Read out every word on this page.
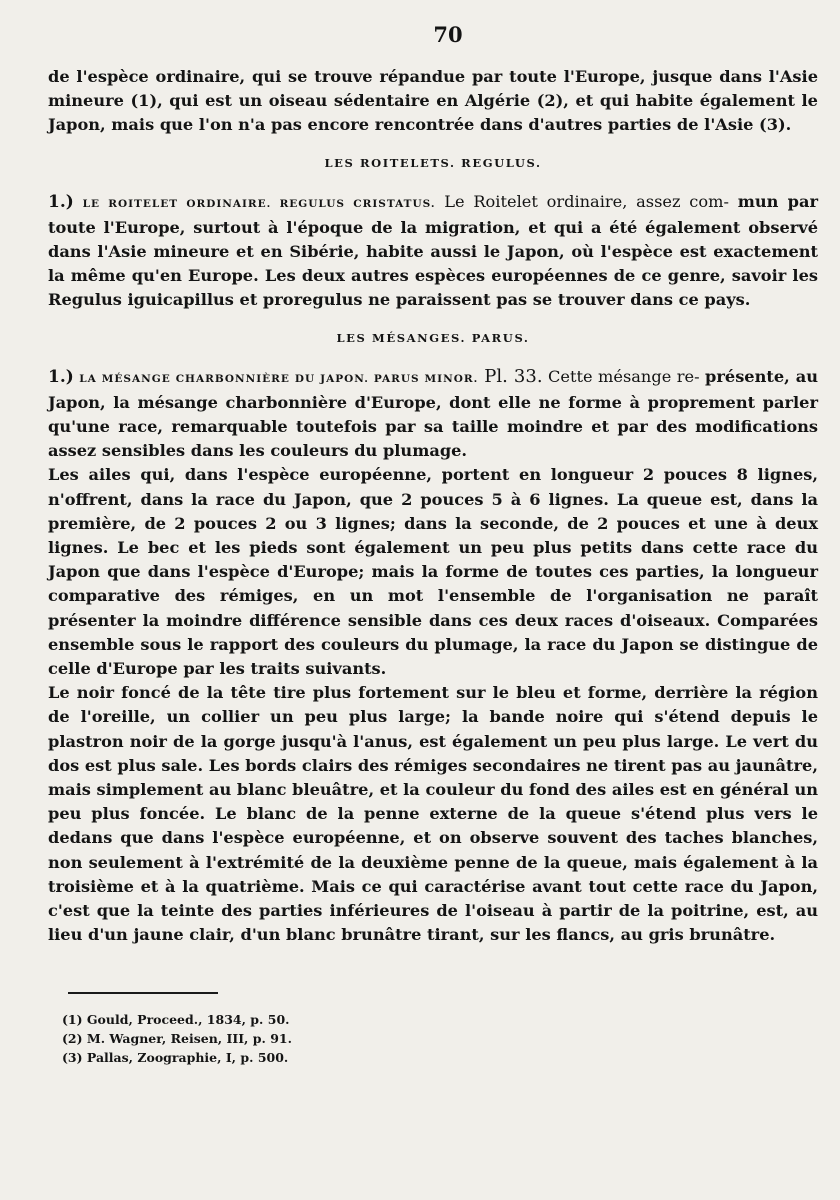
70

de l'espèce ordinaire, qui se trouve répandue par toute l'Europe, jusque dans l'Asie mineure (1), qui est un oiseau sédentaire en Algérie (2), et qui habite également le Japon, mais que l'on n'a pas encore rencontrée dans d'autres parties de l'Asie (3).

LES ROITELETS. REGULUS.

1.) LE ROITELET ORDINAIRE. REGULUS CRISTATUS. Le Roitelet ordinaire, assez com- mun par toute l'Europe, surtout à l'époque de la migration, et qui a été également observé dans l'Asie mineure et en Sibérie, habite aussi le Japon, où l'espèce est exactement la même qu'en Europe. Les deux autres espèces européennes de ce genre, savoir les Regulus iguicapillus et proregulus ne paraissent pas se trouver dans ce pays.

LES MÉSANGES. PARUS.

1.) LA MÉSANGE CHARBONNIÈRE DU JAPON. PARUS MINOR. Pl. 33. Cette mésange re- présente, au Japon, la mésange charbonnière d'Europe, dont elle ne forme à proprement parler qu'une race, remarquable toutefois par sa taille moindre et par des modifications assez sensibles dans les couleurs du plumage.

Les ailes qui, dans l'espèce européenne, portent en longueur 2 pouces 8 lignes, n'offrent, dans la race du Japon, que 2 pouces 5 à 6 lignes. La queue est, dans la première, de 2 pouces 2 ou 3 lignes; dans la seconde, de 2 pouces et une à deux lignes. Le bec et les pieds sont également un peu plus petits dans cette race du Japon que dans l'espèce d'Europe; mais la forme de toutes ces parties, la longueur comparative des rémiges, en un mot l'ensemble de l'organisation ne paraît présenter la moindre différence sensible dans ces deux races d'oiseaux. Comparées ensemble sous le rapport des couleurs du plumage, la race du Japon se distingue de celle d'Europe par les traits suivants.

Le noir foncé de la tête tire plus fortement sur le bleu et forme, derrière la région de l'oreille, un collier un peu plus large; la bande noire qui s'étend depuis le plastron noir de la gorge jusqu'à l'anus, est également un peu plus large. Le vert du dos est plus sale. Les bords clairs des rémiges secondaires ne tirent pas au jaunâtre, mais simplement au blanc bleuâtre, et la couleur du fond des ailes est en général un peu plus foncée. Le blanc de la penne externe de la queue s'étend plus vers le dedans que dans l'espèce européenne, et on observe souvent des taches blanches, non seulement à l'extrémité de la deuxième penne de la queue, mais également à la troisième et à la quatrième. Mais ce qui caractérise avant tout cette race du Japon, c'est que la teinte des parties inférieures de l'oiseau à partir de la poitrine, est, au lieu d'un jaune clair, d'un blanc brunâtre tirant, sur les flancs, au gris brunâtre.

(1) Gould, Proceed., 1834, p. 50.

(2) M. Wagner, Reisen, III, p. 91.

(3) Pallas, Zoographie, I, p. 500.
